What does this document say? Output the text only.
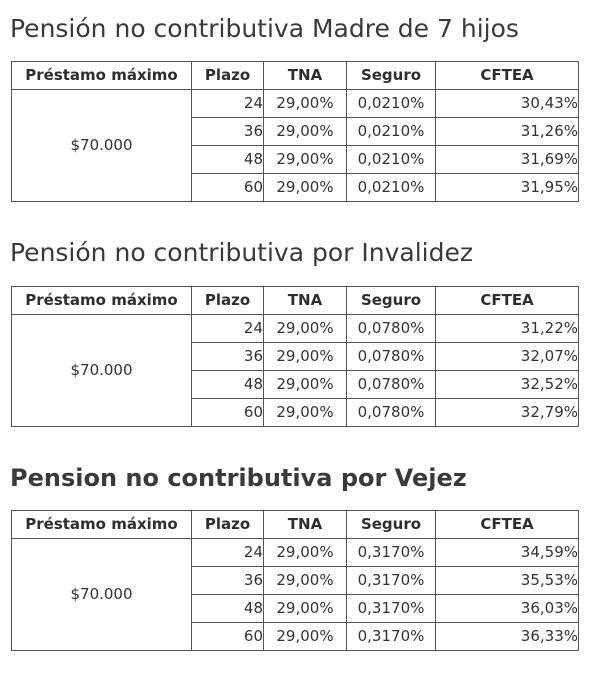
Pensión no contributiva Madre de 7 hijos
Préstamo máximo	Plazo	TNA	Seguro	CFTEA
$70.000	24	29,00%	0,0210%	30,43%
	36	29,00%	0,0210%	31,26%
	48	29,00%	0,0210%	31,69%
	60	29,00%	0,0210%	31,95%
Pensión no contributiva por Invalidez
Préstamo máximo	Plazo	TNA	Seguro	CFTEA
$70.000	24	29,00%	0,0780%	31,22%
	36	29,00%	0,0780%	32,07%
	48	29,00%	0,0780%	32,52%
	60	29,00%	0,0780%	32,79%
Pension no contributiva por Vejez
Préstamo máximo	Plazo	TNA	Seguro	CFTEA
$70.000	24	29,00%	0,3170%	34,59%
	36	29,00%	0,3170%	35,53%
	48	29,00%	0,3170%	36,03%
	60	29,00%	0,3170%	36,33%
